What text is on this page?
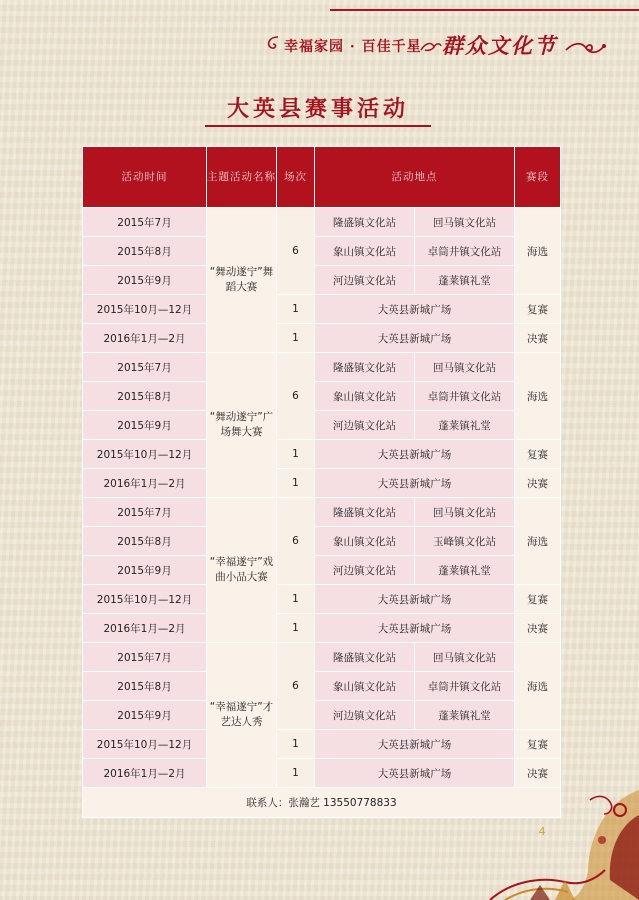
幸福家园 · 百佳千星 群众文化节
大英县赛事活动
活动时间	主题活动名称	场次	活动地点		赛段
2015年7月	“舞动遂宁”舞蹈大赛	6	隆盛镇文化站	回马镇文化站	海选
2015年8月			象山镇文化站	卓筒井镇文化站	
2015年9月			河边镇文化站	蓬莱镇礼堂	
2015年10月—12月		1	大英县新城广场		复赛
2016年1月—2月		1	大英县新城广场		决赛
2015年7月	“舞动遂宁”广场舞大赛	6	隆盛镇文化站	回马镇文化站	海选
2015年8月			象山镇文化站	卓筒井镇文化站	
2015年9月			河边镇文化站	蓬莱镇礼堂	
2015年10月—12月		1	大英县新城广场		复赛
2016年1月—2月		1	大英县新城广场		决赛
2015年7月	“幸福遂宁”戏曲小品大赛	6	隆盛镇文化站	回马镇文化站	海选
2015年8月			象山镇文化站	玉峰镇文化站	
2015年9月			河边镇文化站	蓬莱镇礼堂	
2015年10月—12月		1	大英县新城广场		复赛
2016年1月—2月		1	大英县新城广场		决赛
2015年7月	“幸福遂宁”才艺达人秀	6	隆盛镇文化站	回马镇文化站	海选
2015年8月			象山镇文化站	卓筒井镇文化站	
2015年9月			河边镇文化站	蓬莱镇礼堂	
2015年10月—12月		1	大英县新城广场		复赛
2016年1月—2月		1	大英县新城广场		决赛
联系人：张瀚艺 13550778833					
4
